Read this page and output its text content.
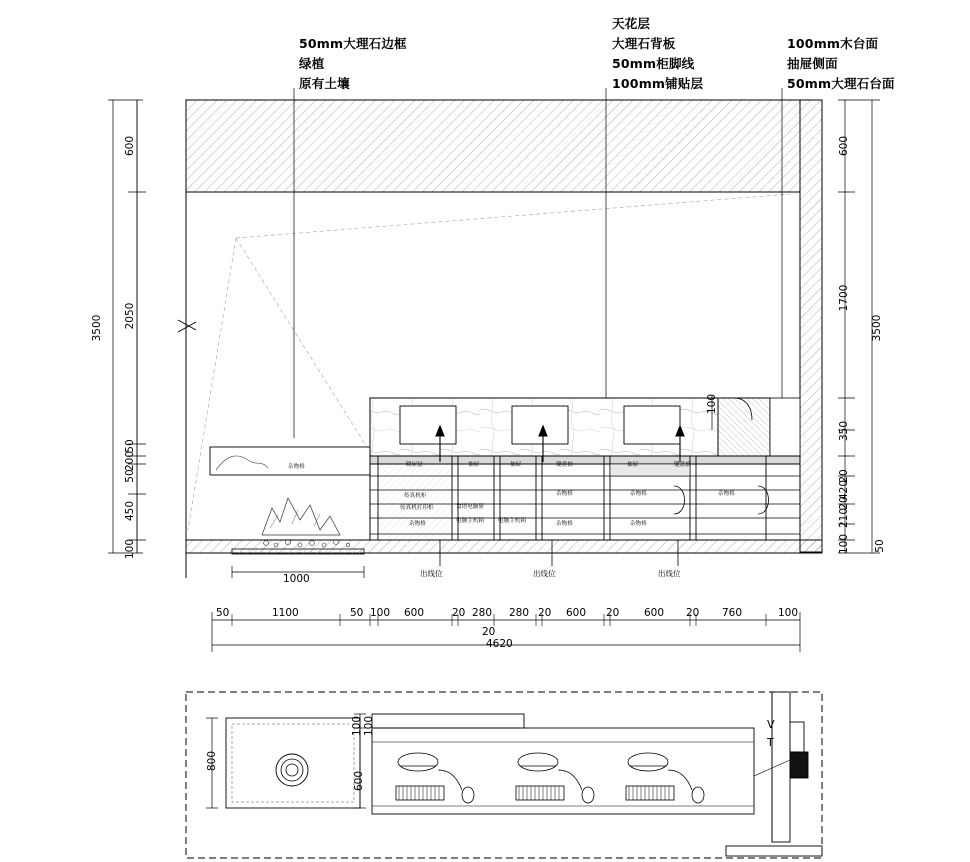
50mm大理石边框
绿植
原有土壤
天花层
大理石背板
50mm柜脚线
100mm铺贴层
100mm木台面
抽屉侧面
50mm大理石台面
600
2050
50
200
50
450
100
3500
600
1700
350
420
100
210
20
20
50
3500
50	1100	50 100 600	20 280 280 20 600 20 600 20 760	100
20
4620
1000
100
出线位	出线位	出线位
暖屉层	抽屉
传真机柜
传真机打印柜
杂物格
抽屉	抽屉
电脑主机箱	电脑主机箱
食谱电脑屉
键盘抽	键盘抽
杂物格
杂物格
杂物格
杂物格
杂物格
杂物格
800
600
100 100
T
V
